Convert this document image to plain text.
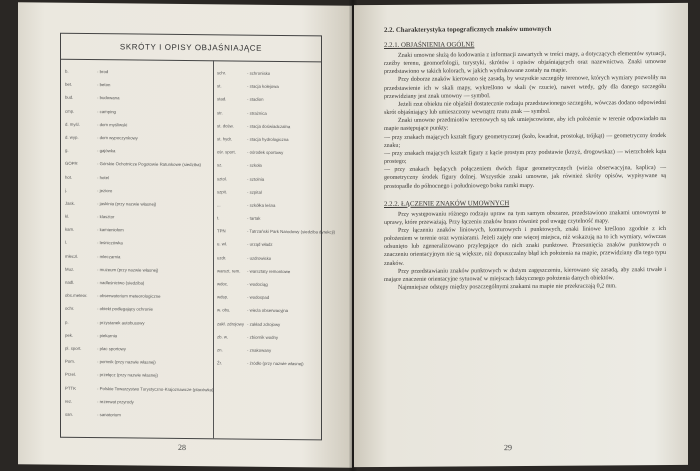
SKRÓTY I OPISY OBJAŚNIAJĄCE
b.	- brod
bet.	- beton
bud.	- budowana
cmp.	- camping
d. myśl.	- dom myśliwski
d. wyp.	- dom wypoczynkowy
g.	- gajówka
GOPR	- Górskie Ochotnicze Pogotowie Ratunkowe (siedziba)
hot.	- hotel
j.	- jezioro
Jask.	- jaskinia (przy nazwie własnej)
kl.	- klasztor
kam.	- kamieniołom
l.	- leśniczówka
mleczl.	- mleczarnia
Muz.	- muzeum (przy nazwie własnej)
nadl.	- nadleśnictwo (siedziba)
obs.meteor.	- obserwatorium meteorologiczne
ochr.	- obiekt podlegający ochronie
p.	- przystanek autobusowy
pek.	- piekarnia
pl. sport.	- plac sportowy
Pom.	- pomnik (przy nazwie własnej)
Przel.	- przełęcz (przy nazwie własnej)
PTTK	- Polskie Towarzystwo Turystyczno-Krajoznawcze (placówka)
rez.	- rezerwat przyrody
san.	- sanatorium
schr.	- schronisko
st.	- stacja kolejowa
stad.	- stadion
str.	- strażnica
st. dośw.	- stacja doświadczalna
st. hydr.	- stacja hydrologiczna
ośr. sport.	- ośrodek sportowy
sz.	- szkoła
sztol.	- sztolnia
szpit.	- szpital
...	- szkółka leśna
t.	- tartak
TPN	- Tatrzański Park Narodowy (siedziba dyrekcji)
u. wł.	- urząd władz
uzdr.	- uzdrowisko
warszt. rem.	- warsztaty remontowe
wdoc.	- wodociąg
wdsp.	- wodospad
w. obs.	- wieża obserwacyjna
zakł. zdrojowy - zakład zdrojowy
zb. w.	- zbiornik wodny
zn.	- znakowany
Źr.	- źródło (przy nazwie własnej)
28
2.2. Charakterystyka topograficznych znaków umownych
2.2.1. OBJAŚNIENIA OGÓLNE

Znaki umowne służą do kodowania z informacji zawartych w treści mapy, a dotyczących elementów sytuacji, rzeźby terenu, geomorfologii, turystyki, skrótów i opisów objaśniających oraz nazewnictwa. Znaki umowne przedstawiono w takich kolorach, w jakich wydrukowane zostały na mapie.

Przy doborze znaków kierowano się zasadą, by wszystkie szczegóły terenowe, których wymiary pozwoliły na przedstawienie ich w skali mapy, wykreślono w skali (w rzucie), nawet wtedy, gdy dla danego szczegółu przewidziany jest znak umowny — symbol.

Jeżeli rzut obiektu nie objaśnił dostatecznie rodzaju przedstawionego szczegółu, wówczas dodano odpowiedni skrót objaśniający lub umieszczony wewnątrz rzutu znak — symbol.

Znaki umowne przedmiotów terenowych są tak umiejscowione, aby ich położenie w terenie odpowiadało na mapie następujące punkty:

— przy znakach mających kształt figury geometrycznej (koło, kwadrat, prostokąt, trójkąt) — geometryczny środek znaku;

— przy znakach mających kształt figury z kącie prostym przy podstawie (krzyż, drogowskaz) — wierzchołek kąta prostego;

— przy znakach będących połączeniem dwóch figur geometrycznych (wieża obserwacyjna, kaplica) — geometryczny środek figury dolnej. Wszystkie znaki umowne, jak również skróty opisów, wypisywane są prostopadle do północnego i południowego boku ramki mapy.

2.2.2. ŁĄCZENIE ZNAKÓW UMOWNYCH

Przy występowaniu różnego rodzaju upraw na tym samym obszarze, przedstawiono znakami umownymi te uprawy, które przeważają. Przy łączeniu znaków brano również pod uwagę czytelność mapy.

Przy łączeniu znaków liniowych, konturowych i punktowych, znaki liniowe kreślono zgodnie z ich położeniem w terenie oraz wymiarami. Jeżeli zajęły one więcej miejsca, niż wskazują na to ich wymiary, wówczas odsunięto lub zgeneralizowano przylegające do nich znaki punktowe. Przesunięcia znaków punktowych o znaczeniu orientacyjnym nie są większe, niż dopuszczalny błąd ich położenia na mapie, przewidziany dla tego typu znaków.

Przy przedstawianiu znaków punktowych w dużym zagęszczeniu, kierowano się zasadą, aby znaki trwałe i mające znaczenie orientacyjne sytuować w miejscach faktycznego położenia danych obiektów.

Najmniejsze odstępy między poszczególnymi znakami na mapie nie przekraczają 0,2 mm.

29
